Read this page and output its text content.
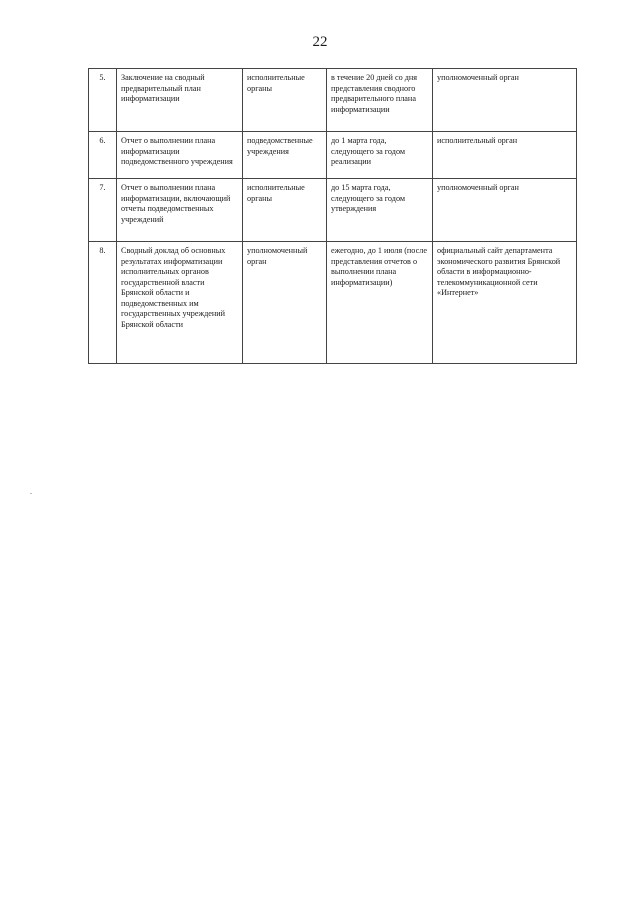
22
5.	Заключение на сводный предварительный план информатизации	исполнительные органы	в течение 20 дней со дня представления сводного предварительного плана информатизации	уполномоченный орган
6.	Отчет о выполнении плана информатизации подведомственного учреждения	подведомственные учреждения	до 1 марта года, следующего за годом реализации	исполнительный орган
7.	Отчет о выполнении плана информатизации, включающий отчеты подведомственных учреждений	исполнительные органы	до 15 марта года, следующего за годом утверждения	уполномоченный орган
8.	Сводный доклад об основных результатах информатизации исполнительных органов государственной власти Брянской области и подведомственных им государственных учреждений Брянской области	уполномоченный орган	ежегодно, до 1 июля (после представления отчетов о выполнении плана информатизации)	официальный сайт департамента экономического развития Брянской области в информационно-телекоммуникационной сети «Интернет»
